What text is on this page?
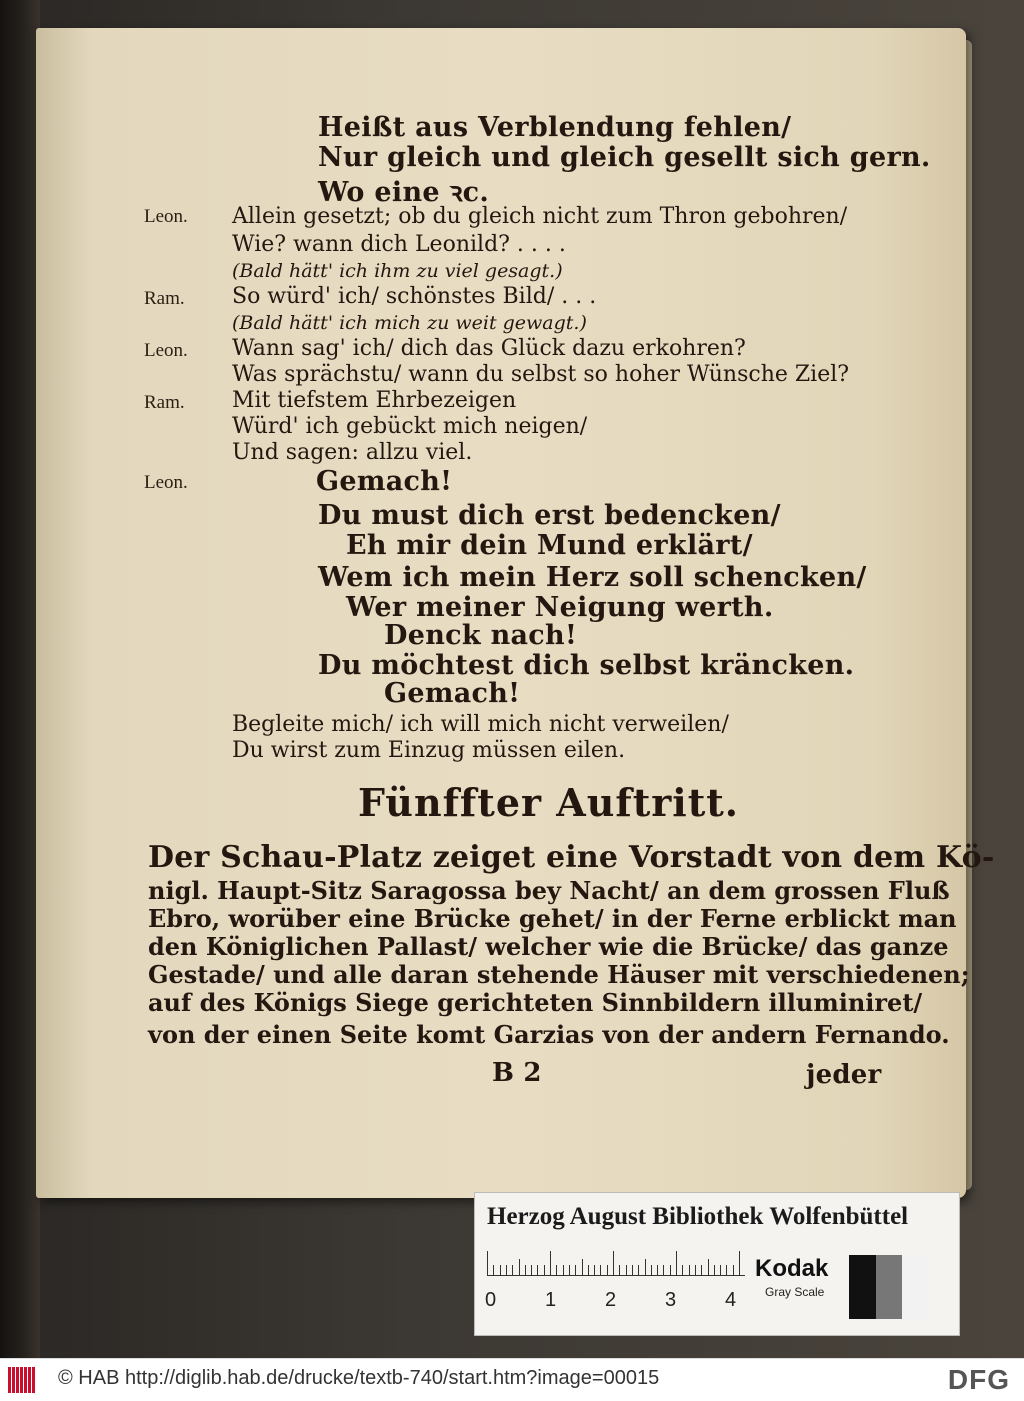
Heißt aus Verblendung fehlen/
Nur gleich und gleich gesellt sich gern.
Wo eine ꝛc.
Leon. Allein gesetzt; ob du gleich nicht zum Thron gebohren/
Wie? wann dich Leonild? . . . .
(Bald hätt' ich ihm zu viel gesagt.)
Ram. So würd' ich/ schönstes Bild/ . . .
(Bald hätt' ich mich zu weit gewagt.)
Leon. Wann sag' ich/ dich das Glück dazu erkohren?
Was sprächstu/ wann du selbst so hoher Wünsche Ziel?
Ram. Mit tiefstem Ehrbezeigen
Würd' ich gebückt mich neigen/
Und sagen: allzu viel.
Leon.	Gemach!
Du must dich erst bedencken/
Eh mir dein Mund erklärt/
Wem ich mein Herz soll schencken/
Wer meiner Neigung werth.
Denck nach!
Du möchtest dich selbst kräncken.
Gemach!
Begleite mich/ ich will mich nicht verweilen/
Du wirst zum Einzug müssen eilen.
Fünffter Auftritt.
Der Schau-Platz zeiget eine Vorstadt von dem Kö-
nigl. Haupt-Sitz Saragossa bey Nacht/ an dem grossen Fluß
Ebro, worüber eine Brücke gehet/ in der Ferne erblickt man
den Königlichen Pallast/ welcher wie die Brücke/ das ganze
Gestade/ und alle daran stehende Häuser mit verschiedenen;
auf des Königs Siege gerichteten Sinnbildern illuminiret/
von der einen Seite komt Garzias von der andern Fernando.
B 2	jeder
Herzog August Bibliothek Wolfenbüttel
0 1 2 3 4
Kodak
Gray Scale
© HAB http://diglib.hab.de/drucke/textb-740/start.htm?image=00015	DFG
